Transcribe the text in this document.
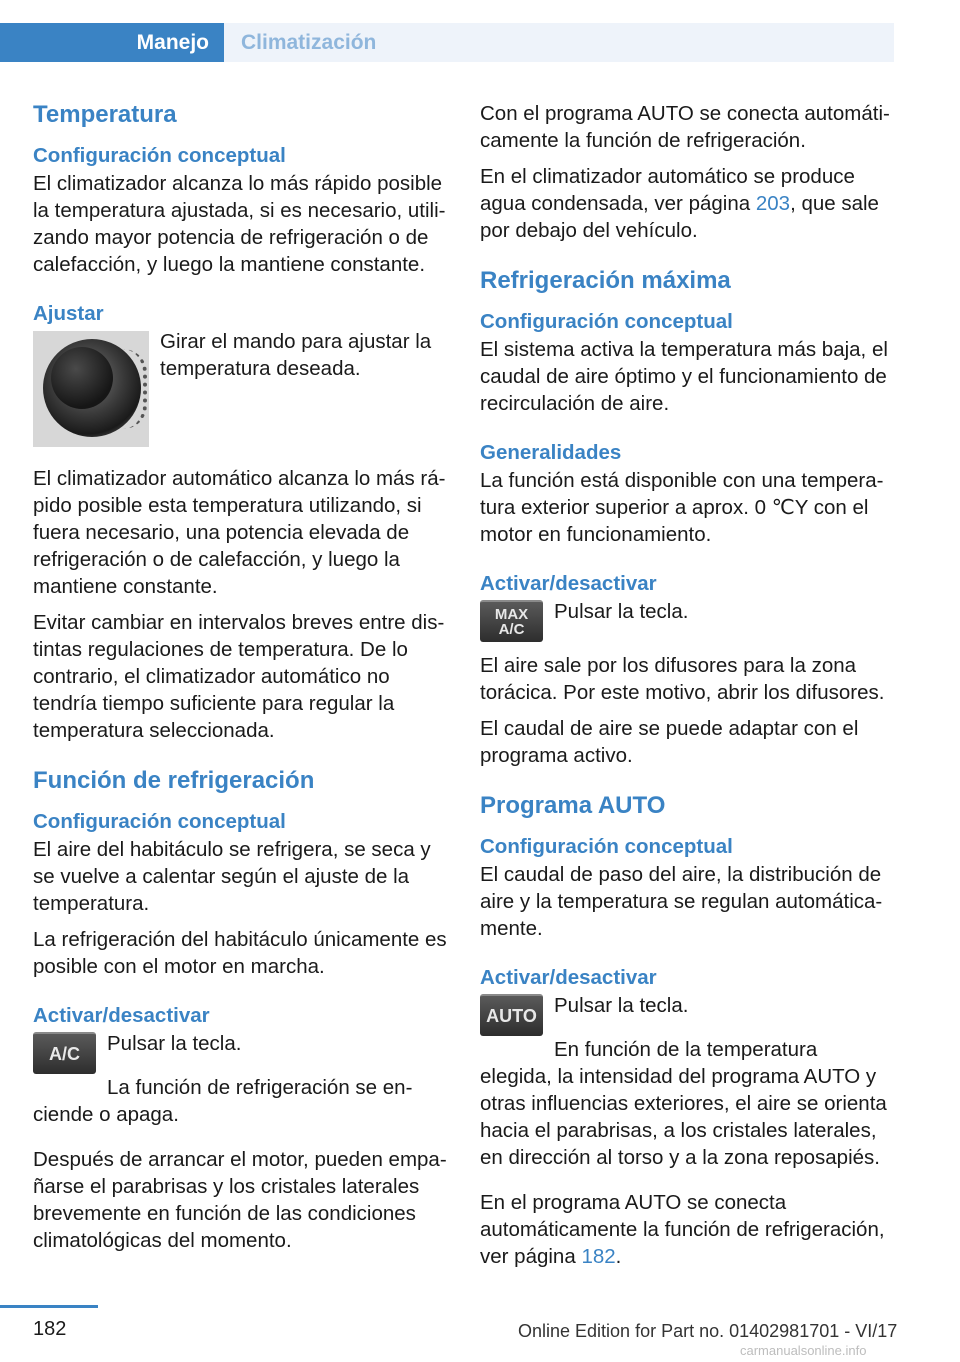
Manejo	Climatización
Temperatura
Configuración conceptual

El climatizador alcanza lo más rápido posible la temperatura ajustada, si es necesario, utilizando mayor potencia de refrigeración o de calefacción, y luego la mantiene constante.

Ajustar

Girar el mando para ajustar la temperatura deseada.

El climatizador automático alcanza lo más rápido posible esta temperatura utilizando, si fuera necesario, una potencia elevada de refrigeración o de calefacción, y luego la mantiene constante.

Evitar cambiar en intervalos breves entre distintas regulaciones de temperatura. De lo contrario, el climatizador automático no tendría tiempo suficiente para regular la temperatura seleccionada.

Función de refrigeración
Configuración conceptual

El aire del habitáculo se refrigera, se seca y se vuelve a calentar según el ajuste de la temperatura.

La refrigeración del habitáculo únicamente es posible con el motor en marcha.

Activar/desactivar
A/C Pulsar la tecla.

La función de refrigeración se enciende o apaga.

Después de arrancar el motor, pueden empañarse el parabrisas y los cristales laterales brevemente en función de las condiciones climatológicas del momento.

Con el programa AUTO se conecta automáticamente la función de refrigeración.

En el climatizador automático se produce agua condensada, ver página 203, que sale por debajo del vehículo.

Refrigeración máxima
Configuración conceptual

El sistema activa la temperatura más baja, el caudal de aire óptimo y el funcionamiento de recirculación de aire.

Generalidades

La función está disponible con una temperatura exterior superior a aprox. 0 ℃Y con el motor en funcionamiento.

Activar/desactivar
MAX
A/C

Pulsar la tecla.

El aire sale por los difusores para la zona torácica. Por este motivo, abrir los difusores.

El caudal de aire se puede adaptar con el programa activo.

Programa AUTO
Configuración conceptual

El caudal de paso del aire, la distribución de aire y la temperatura se regulan automáticamente.

Activar/desactivar
AUTO Pulsar la tecla.

En función de la temperatura elegida, la intensidad del programa AUTO y otras influencias exteriores, el aire se orienta hacia el parabrisas, a los cristales laterales, en dirección al torso y a la zona reposapiés.

En el programa AUTO se conecta automáticamente la función de refrigeración, ver página 182.

182	Online Edition for Part no. 01402981701 - VI/17
carmanualsonline.info
